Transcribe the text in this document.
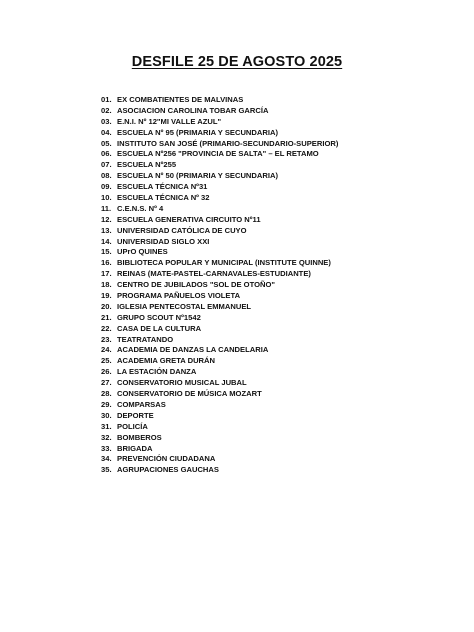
DESFILE 25 DE AGOSTO 2025
01. EX COMBATIENTES DE MALVINAS
02. ASOCIACION CAROLINA TOBAR GARCÍA
03. E.N.I. Nº 12"MI VALLE AZUL"
04. ESCUELA Nº 95 (PRIMARIA Y SECUNDARIA)
05. INSTITUTO SAN JOSÉ (PRIMARIO-SECUNDARIO-SUPERIOR)
06. ESCUELA Nº256 "PROVINCIA DE SALTA" – EL RETAMO
07. ESCUELA Nº255
08. ESCUELA Nº 50 (PRIMARIA Y SECUNDARIA)
09. ESCUELA TÉCNICA Nº31
10. ESCUELA TÉCNICA Nº 32
11. C.E.N.S. Nº 4
12. ESCUELA GENERATIVA CIRCUITO Nº11
13. UNIVERSIDAD CATÓLICA DE CUYO
14. UNIVERSIDAD SIGLO XXI
15. UPrO QUINES
16. BIBLIOTECA POPULAR Y MUNICIPAL (INSTITUTE QUINNE)
17. REINAS (MATE-PASTEL-CARNAVALES-ESTUDIANTE)
18. CENTRO DE JUBILADOS "SOL DE OTOÑO"
19. PROGRAMA PAÑUELOS VIOLETA
20. IGLESIA PENTECOSTAL EMMANUEL
21. GRUPO SCOUT Nº1542
22. CASA DE LA CULTURA
23. TEATRATANDO
24. ACADEMIA DE DANZAS LA CANDELARIA
25. ACADEMIA GRETA DURÁN
26. LA ESTACIÓN DANZA
27. CONSERVATORIO MUSICAL JUBAL
28. CONSERVATORIO DE MÚSICA MOZART
29. COMPARSAS
30. DEPORTE
31. POLICÍA
32. BOMBEROS
33. BRIGADA
34. PREVENCIÓN CIUDADANA
35. AGRUPACIONES GAUCHAS
